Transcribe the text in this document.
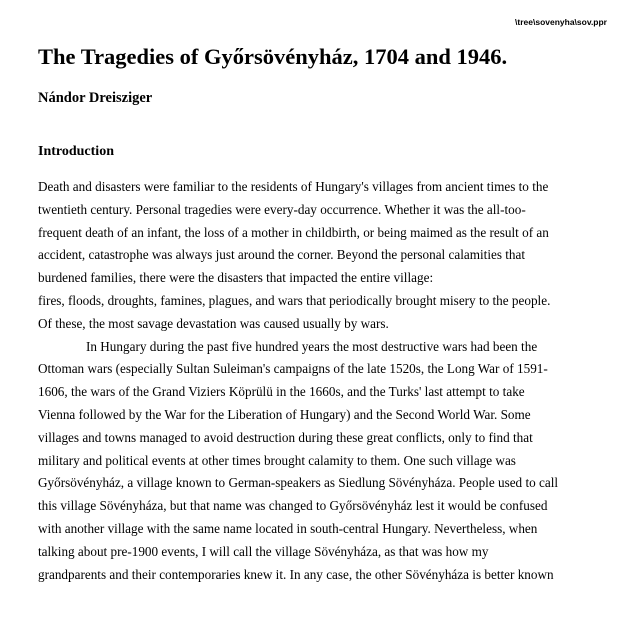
\tree\sovenyha\sov.ppr
The Tragedies of Győrsövényház, 1704 and 1946.
Nándor Dreisziger
Introduction
Death and disasters were familiar to the residents of Hungary's villages from ancient times to the
twentieth century. Personal tragedies were every-day occurrence. Whether it was the all-too-
frequent death of an infant, the loss of a mother in childbirth, or being maimed as the result of an
accident, catastrophe was always just around the corner. Beyond the personal calamities that
burdened families, there were the disasters that impacted the entire village:
fires, floods, droughts, famines, plagues, and wars that periodically brought misery to the people.
Of these, the most savage devastation was caused usually by wars.
In Hungary during the past five hundred years the most destructive wars had been the
Ottoman wars (especially Sultan Suleiman's campaigns of the late 1520s, the Long War of 1591-
1606, the wars of the Grand Viziers Köprülü in the 1660s, and the Turks' last attempt to take
Vienna followed by the War for the Liberation of Hungary) and the Second World War. Some
villages and towns managed to avoid destruction during these great conflicts, only to find that
military and political events at other times brought calamity to them. One such village was
Győrsövényház, a village known to German-speakers as Siedlung Sövényháza. People used to call
this village Sövényháza, but that name was changed to Győrsövényház lest it would be confused
with another village with the same name located in south-central Hungary. Nevertheless, when
talking about pre-1900 events, I will call the village Sövényháza, as that was how my
grandparents and their contemporaries knew it. In any case, the other Sövényháza is better known
